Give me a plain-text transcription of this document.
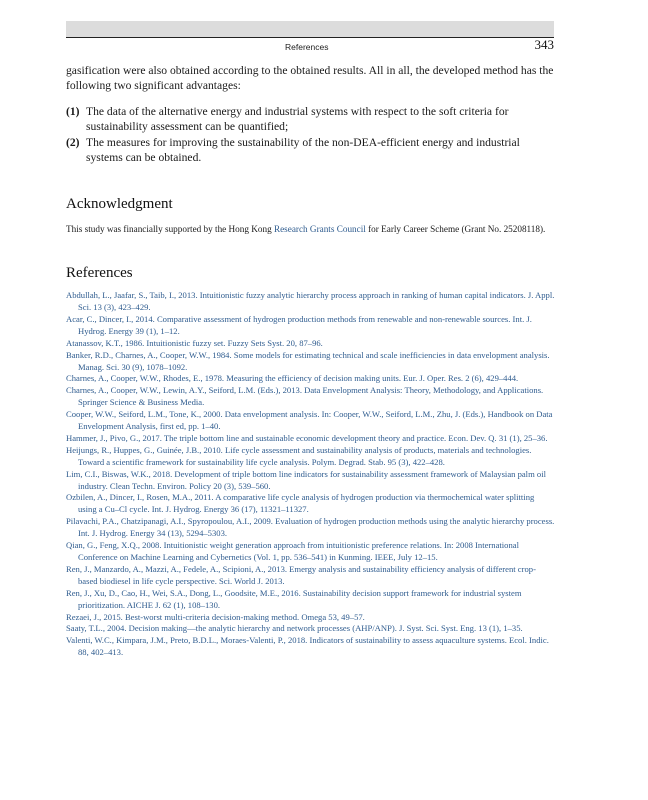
References	343

gasification were also obtained according to the obtained results. All in all, the developed method has the following two significant advantages:

(1) The data of the alternative energy and industrial systems with respect to the soft criteria for sustainability assessment can be quantified;
(2) The measures for improving the sustainability of the non-DEA-efficient energy and industrial systems can be obtained.
Acknowledgment

This study was financially supported by the Hong Kong Research Grants Council for Early Career Scheme (Grant No. 25208118).

References
Abdullah, L., Jaafar, S., Taib, I., 2013. Intuitionistic fuzzy analytic hierarchy process approach in ranking of human capital indicators. J. Appl. Sci. 13 (3), 423–429.
Acar, C., Dincer, I., 2014. Comparative assessment of hydrogen production methods from renewable and non-renewable sources. Int. J. Hydrog. Energy 39 (1), 1–12.
Atanassov, K.T., 1986. Intuitionistic fuzzy set. Fuzzy Sets Syst. 20, 87–96.
Banker, R.D., Charnes, A., Cooper, W.W., 1984. Some models for estimating technical and scale inefficiencies in data envelopment analysis. Manag. Sci. 30 (9), 1078–1092.
Charnes, A., Cooper, W.W., Rhodes, E., 1978. Measuring the efficiency of decision making units. Eur. J. Oper. Res. 2 (6), 429–444.
Charnes, A., Cooper, W.W., Lewin, A.Y., Seiford, L.M. (Eds.), 2013. Data Envelopment Analysis: Theory, Methodology, and Applications. Springer Science & Business Media.
Cooper, W.W., Seiford, L.M., Tone, K., 2000. Data envelopment analysis. In: Cooper, W.W., Seiford, L.M., Zhu, J. (Eds.), Handbook on Data Envelopment Analysis, first ed, pp. 1–40.
Hammer, J., Pivo, G., 2017. The triple bottom line and sustainable economic development theory and practice. Econ. Dev. Q. 31 (1), 25–36.
Heijungs, R., Huppes, G., Guinée, J.B., 2010. Life cycle assessment and sustainability analysis of products, materials and technologies. Toward a scientific framework for sustainability life cycle analysis. Polym. Degrad. Stab. 95 (3), 422–428.
Lim, C.I., Biswas, W.K., 2018. Development of triple bottom line indicators for sustainability assessment framework of Malaysian palm oil industry. Clean Techn. Environ. Policy 20 (3), 539–560.
Ozbilen, A., Dincer, I., Rosen, M.A., 2011. A comparative life cycle analysis of hydrogen production via thermochemical water splitting using a Cu–Cl cycle. Int. J. Hydrog. Energy 36 (17), 11321–11327.
Pilavachi, P.A., Chatzipanagi, A.I., Spyropoulou, A.I., 2009. Evaluation of hydrogen production methods using the analytic hierarchy process. Int. J. Hydrog. Energy 34 (13), 5294–5303.
Qian, G., Feng, X.Q., 2008. Intuitionistic weight generation approach from intuitionistic preference relations. In: 2008 International Conference on Machine Learning and Cybernetics (Vol. 1, pp. 536–541) in Kunming. IEEE, July 12–15.
Ren, J., Manzardo, A., Mazzi, A., Fedele, A., Scipioni, A., 2013. Emergy analysis and sustainability efficiency analysis of different crop-based biodiesel in life cycle perspective. Sci. World J. 2013.
Ren, J., Xu, D., Cao, H., Wei, S.A., Dong, L., Goodsite, M.E., 2016. Sustainability decision support framework for industrial system prioritization. AICHE J. 62 (1), 108–130.
Rezaei, J., 2015. Best-worst multi-criteria decision-making method. Omega 53, 49–57.
Saaty, T.L., 2004. Decision making—the analytic hierarchy and network processes (AHP/ANP). J. Syst. Sci. Syst. Eng. 13 (1), 1–35.
Valenti, W.C., Kimpara, J.M., Preto, B.D.L., Moraes-Valenti, P., 2018. Indicators of sustainability to assess aquaculture systems. Ecol. Indic. 88, 402–413.
